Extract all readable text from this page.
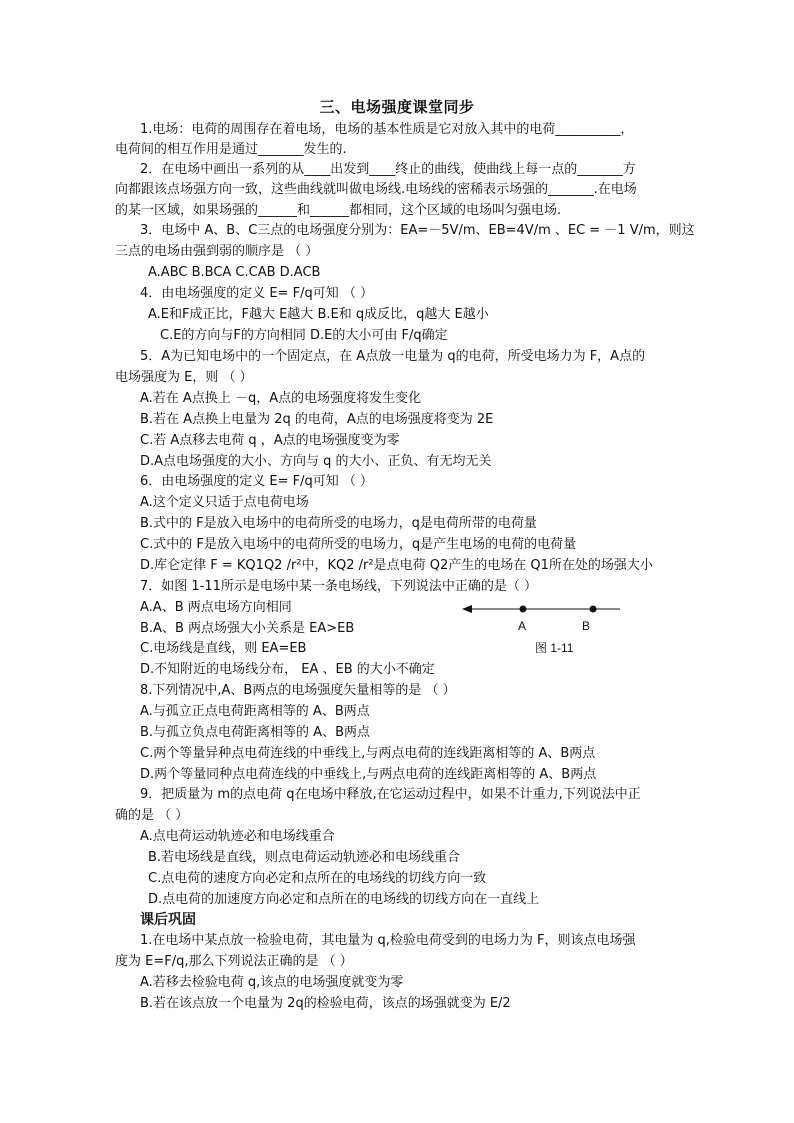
三、电场强度课堂同步
1.电场：电荷的周围存在着电场，电场的基本性质是它对放入其中的电荷__________，
电荷间的相互作用是通过_______发生的.
2．在电场中画出一系列的从____出发到____终止的曲线，使曲线上每一点的_______方
向都跟该点场强方向一致，这些曲线就叫做电场线.电场线的密稀表示场强的_______.在电场
的某一区域，如果场强的______和______都相同，这个区域的电场叫匀强电场.
3．电场中 A、B、C三点的电场强度分别为：EA=－5V/m、EB=4V/m 、EC = －1 V/m，则这
三点的电场由强到弱的顺序是 （ ）
A.ABC B.BCA C.CAB D.ACB
4．由电场强度的定义 E= F/q可知 （ ）
A.E和F成正比，F越大 E越大 B.E和 q成反比，q越大 E越小
C.E的方向与F的方向相同 D.E的大小可由 F/q确定
5．A为已知电场中的一个固定点，在 A点放一电量为 q的电荷，所受电场力为 F，A点的
电场强度为 E，则 （ ）
A.若在 A点换上 －q，A点的电场强度将发生变化
B.若在 A点换上电量为 2q 的电荷，A点的电场强度将变为 2E
C.若 A点移去电荷 q ，A点的电场强度变为零
D.A点电场强度的大小、方向与 q 的大小、正负、有无均无关
6．由电场强度的定义 E= F/q可知 （ ）
A.这个定义只适于点电荷电场
B.式中的 F是放入电场中的电荷所受的电场力，q是电荷所带的电荷量
C.式中的 F是放入电场中的电荷所受的电场力，q是产生电场的电荷的电荷量
D.库仑定律 F = KQ1Q2 /r²中，KQ2 /r²是点电荷 Q2产生的电场在 Q1所在处的场强大小
7．如图 1-11所示是电场中某一条电场线，下列说法中正确的是（ ）
A.A、B 两点电场方向相同
B.A、B 两点场强大小关系是 EA>EB
C.电场线是直线，则 EA=EB
D.不知附近的电场线分布， EA 、EB 的大小不确定
8.下列情况中,A、B两点的电场强度矢量相等的是 （ ）
A.与孤立正点电荷距离相等的 A、B两点
B.与孤立负点电荷距离相等的 A、B两点
C.两个等量异种点电荷连线的中垂线上,与两点电荷的连线距离相等的 A、B两点
D.两个等量同种点电荷连线的中垂线上,与两点电荷的连线距离相等的 A、B两点
9．把质量为 m的点电荷 q在电场中释放,在它运动过程中，如果不计重力,下列说法中正
确的是 （ ）
A.点电荷运动轨迹必和电场线重合
B.若电场线是直线，则点电荷运动轨迹必和电场线重合
C.点电荷的速度方向必定和点所在的电场线的切线方向一致
D.点电荷的加速度方向必定和点所在的电场线的切线方向在一直线上
课后巩固
1.在电场中某点放一检验电荷，其电量为 q,检验电荷受到的电场力为 F，则该点电场强
度为 E=F/q,那么下列说法正确的是 （ ）
A.若移去检验电荷 q,该点的电场强度就变为零
B.若在该点放一个电量为 2q的检验电荷，该点的场强就变为 E/2
A	B
图 1-11
